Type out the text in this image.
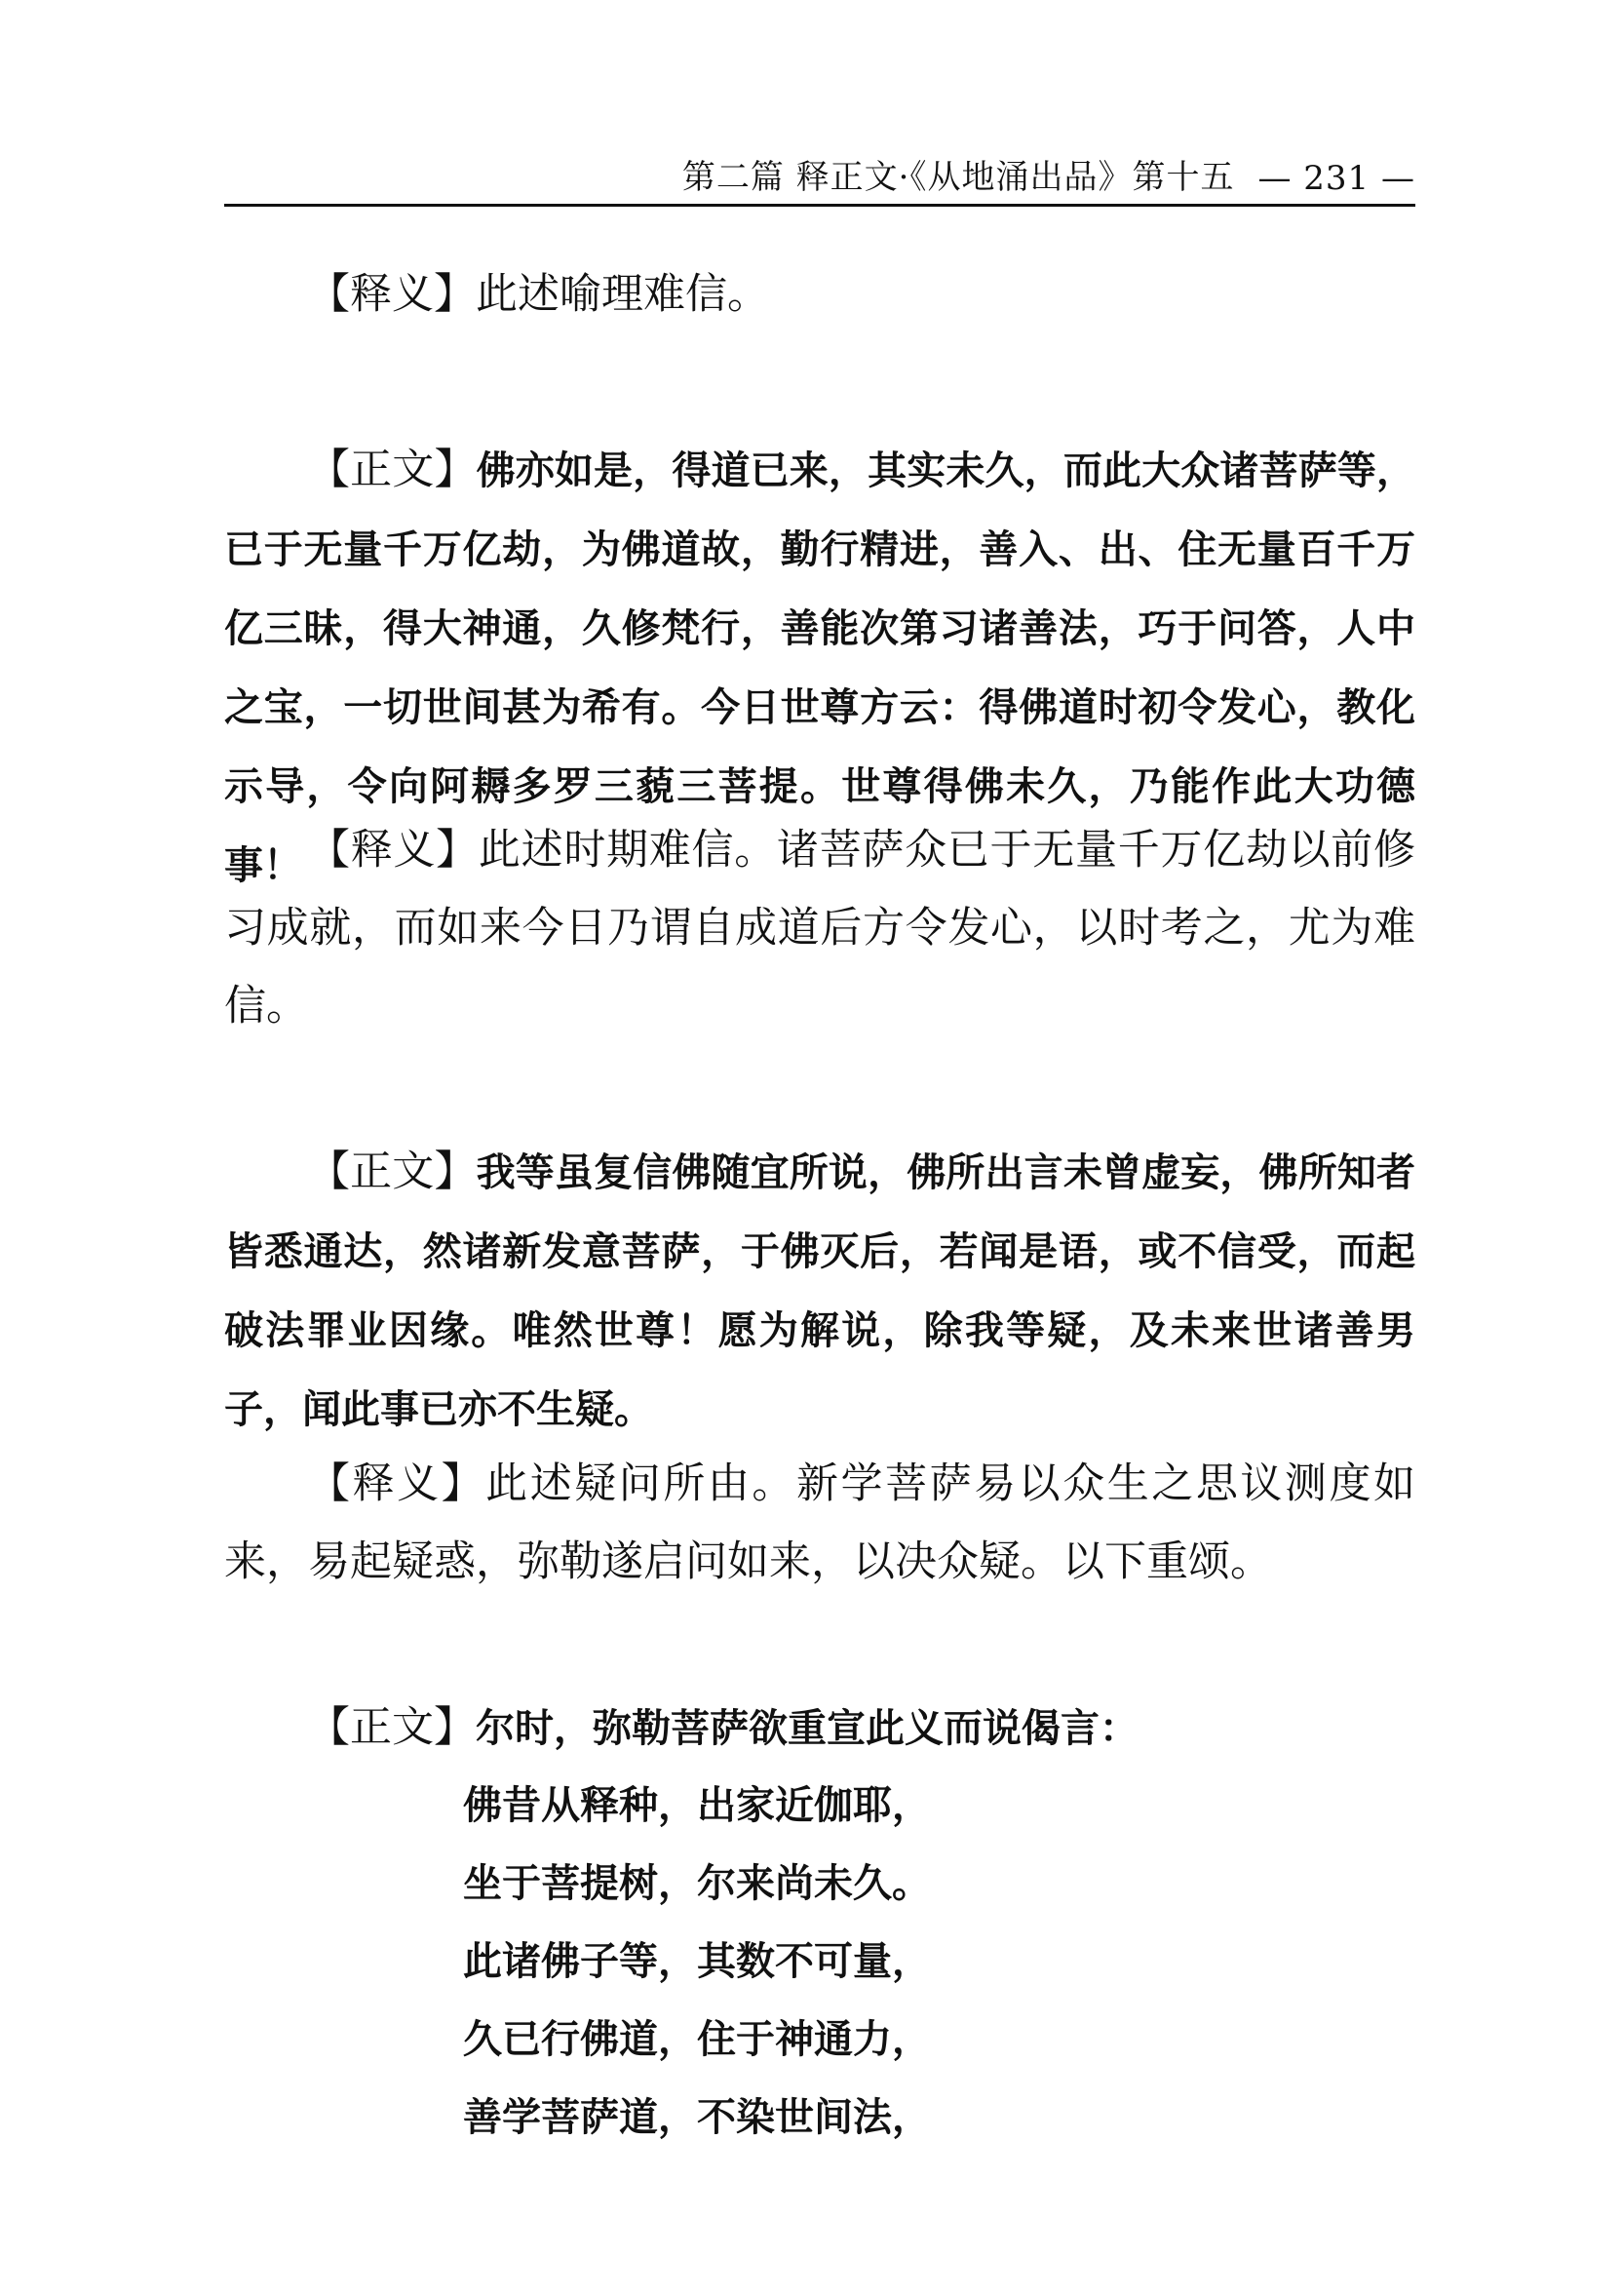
第二篇 释正文·《从地涌出品》第十五 — 231 —
【释义】此述喻理难信。
【正文】佛亦如是，得道已来，其实未久，而此大众诸菩萨等，已于无量千万亿劫，为佛道故，勤行精进，善入、出、住无量百千万亿三昧，得大神通，久修梵行，善能次第习诸善法，巧于问答，人中之宝，一切世间甚为希有。今日世尊方云：得佛道时初令发心，教化示导，令向阿耨多罗三藐三菩提。世尊得佛未久，乃能作此大功德事！ 【释义】此述时期难信。诸菩萨众已于无量千万亿劫以前修习成就，而如来今日乃谓自成道后方令发心，以时考之，尤为难信。
【正文】我等虽复信佛随宜所说，佛所出言未曾虚妄，佛所知者皆悉通达，然诸新发意菩萨，于佛灭后，若闻是语，或不信受，而起破法罪业因缘。唯然世尊！愿为解说，除我等疑，及未来世诸善男子，闻此事已亦不生疑。
【释义】此述疑问所由。新学菩萨易以众生之思议测度如来，易起疑惑，弥勒遂启问如来，以决众疑。以下重颂。
【正文】尔时，弥勒菩萨欲重宣此义而说偈言：
佛昔从释种，出家近伽耶，
坐于菩提树，尔来尚未久。
此诸佛子等，其数不可量，
久已行佛道，住于神通力，
善学菩萨道，不染世间法，
